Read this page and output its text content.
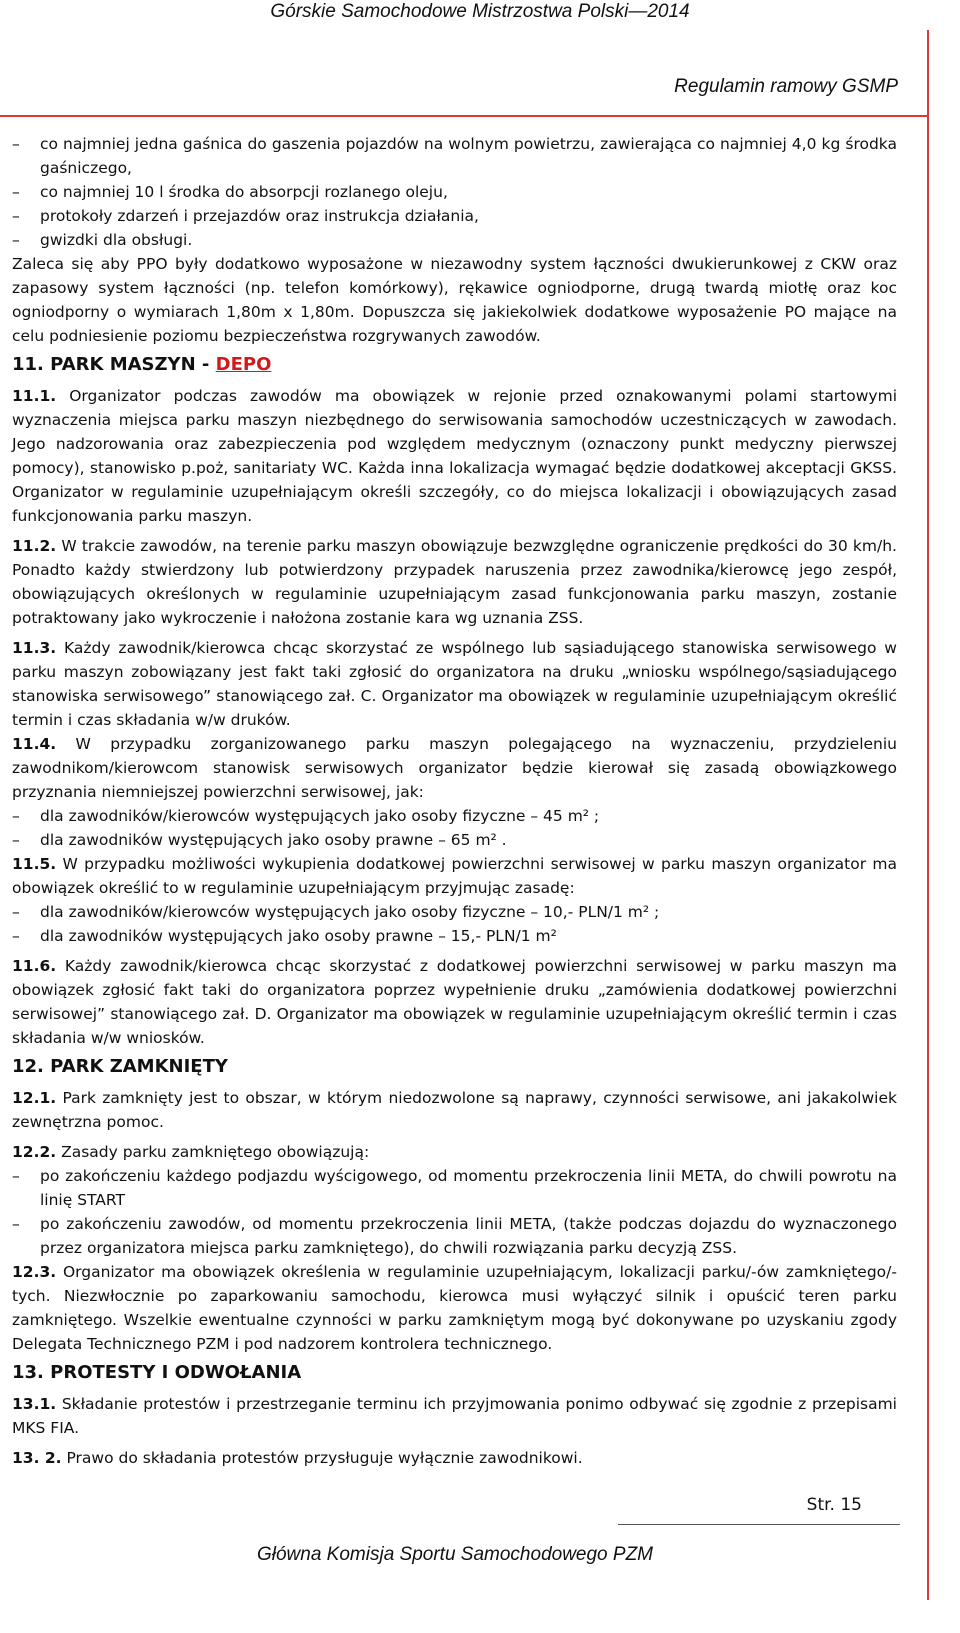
Górskie Samochodowe Mistrzostwa Polski—2014
Regulamin ramowy GSMP
– co najmniej jedna gaśnica do gaszenia pojazdów na wolnym powietrzu, zawierająca co najmniej 4,0 kg środka gaśniczego,
– co najmniej 10 l środka do absorpcji rozlanego oleju,
– protokoły zdarzeń i przejazdów oraz instrukcja działania,
– gwizdki dla obsługi.

Zaleca się aby PPO były dodatkowo wyposażone w niezawodny system łączności dwukierunkowej z CKW oraz zapasowy system łączności (np. telefon komórkowy), rękawice ogniodporne, drugą twardą miotłę oraz koc ogniodporny o wymiarach 1,80m x 1,80m. Dopuszcza się jakiekolwiek dodatkowe wyposażenie PO mające na celu podniesienie poziomu bezpieczeństwa rozgrywanych zawodów.

11. PARK MASZYN - DEPO

11.1. Organizator podczas zawodów ma obowiązek w rejonie przed oznakowanymi polami startowymi wyznaczenia miejsca parku maszyn niezbędnego do serwisowania samochodów uczestniczących w zawodach. Jego nadzorowania oraz zabezpieczenia pod względem medycznym (oznaczony punkt medyczny pierwszej pomocy), stanowisko p.poż, sanitariaty WC. Każda inna lokalizacja wymagać będzie dodatkowej akceptacji GKSS. Organizator w regulaminie uzupełniającym określi szczegóły, co do miejsca lokalizacji i obowiązujących zasad funkcjonowania parku maszyn.

11.2. W trakcie zawodów, na terenie parku maszyn obowiązuje bezwzględne ograniczenie prędkości do 30 km/h. Ponadto każdy stwierdzony lub potwierdzony przypadek naruszenia przez zawodnika/kierowcę jego zespół, obowiązujących określonych w regulaminie uzupełniającym zasad funkcjonowania parku maszyn, zostanie potraktowany jako wykroczenie i nałożona zostanie kara wg uznania ZSS.

11.3. Każdy zawodnik/kierowca chcąc skorzystać ze wspólnego lub sąsiadującego stanowiska serwisowego w parku maszyn zobowiązany jest fakt taki zgłosić do organizatora na druku „wniosku wspólnego/sąsiadującego stanowiska serwisowego” stanowiącego zał. C. Organizator ma obowiązek w regulaminie uzupełniającym określić termin i czas składania w/w druków.

11.4. W przypadku zorganizowanego parku maszyn polegającego na wyznaczeniu, przydzieleniu zawodnikom/kierowcom stanowisk serwisowych organizator będzie kierował się zasadą obowiązkowego przyznania niemniejszej powierzchni serwisowej, jak:

– dla zawodników/kierowców występujących jako osoby fizyczne – 45 m² ;
– dla zawodników występujących jako osoby prawne – 65 m² .

11.5. W przypadku możliwości wykupienia dodatkowej powierzchni serwisowej w parku maszyn organizator ma obowiązek określić to w regulaminie uzupełniającym przyjmując zasadę:

– dla zawodników/kierowców występujących jako osoby fizyczne – 10,- PLN/1 m² ;
– dla zawodników występujących jako osoby prawne – 15,- PLN/1 m²

11.6. Każdy zawodnik/kierowca chcąc skorzystać z dodatkowej powierzchni serwisowej w parku maszyn ma obowiązek zgłosić fakt taki do organizatora poprzez wypełnienie druku „zamówienia dodatkowej powierzchni serwisowej” stanowiącego zał. D. Organizator ma obowiązek w regulaminie uzupełniającym określić termin i czas składania w/w wniosków.

12. PARK ZAMKNIĘTY

12.1. Park zamknięty jest to obszar, w którym niedozwolone są naprawy, czynności serwisowe, ani jakakolwiek zewnętrzna pomoc.

12.2. Zasady parku zamkniętego obowiązują:

– po zakończeniu każdego podjazdu wyścigowego, od momentu przekroczenia linii META, do chwili powrotu na linię START
– po zakończeniu zawodów, od momentu przekroczenia linii META, (także podczas dojazdu do wyznaczonego przez organizatora miejsca parku zamkniętego), do chwili rozwiązania parku decyzją ZSS.

12.3. Organizator ma obowiązek określenia w regulaminie uzupełniającym, lokalizacji parku/-ów zamkniętego/-tych. Niezwłocznie po zaparkowaniu samochodu, kierowca musi wyłączyć silnik i opuścić teren parku zamkniętego. Wszelkie ewentualne czynności w parku zamkniętym mogą być dokonywane po uzyskaniu zgody Delegata Technicznego PZM i pod nadzorem kontrolera technicznego.

13. PROTESTY I ODWOŁANIA

13.1. Składanie protestów i przestrzeganie terminu ich przyjmowania ponimo odbywać się zgodnie z przepisami MKS FIA.

13. 2. Prawo do składania protestów przysługuje wyłącznie zawodnikowi.

Str. 15
Główna Komisja Sportu Samochodowego PZM
